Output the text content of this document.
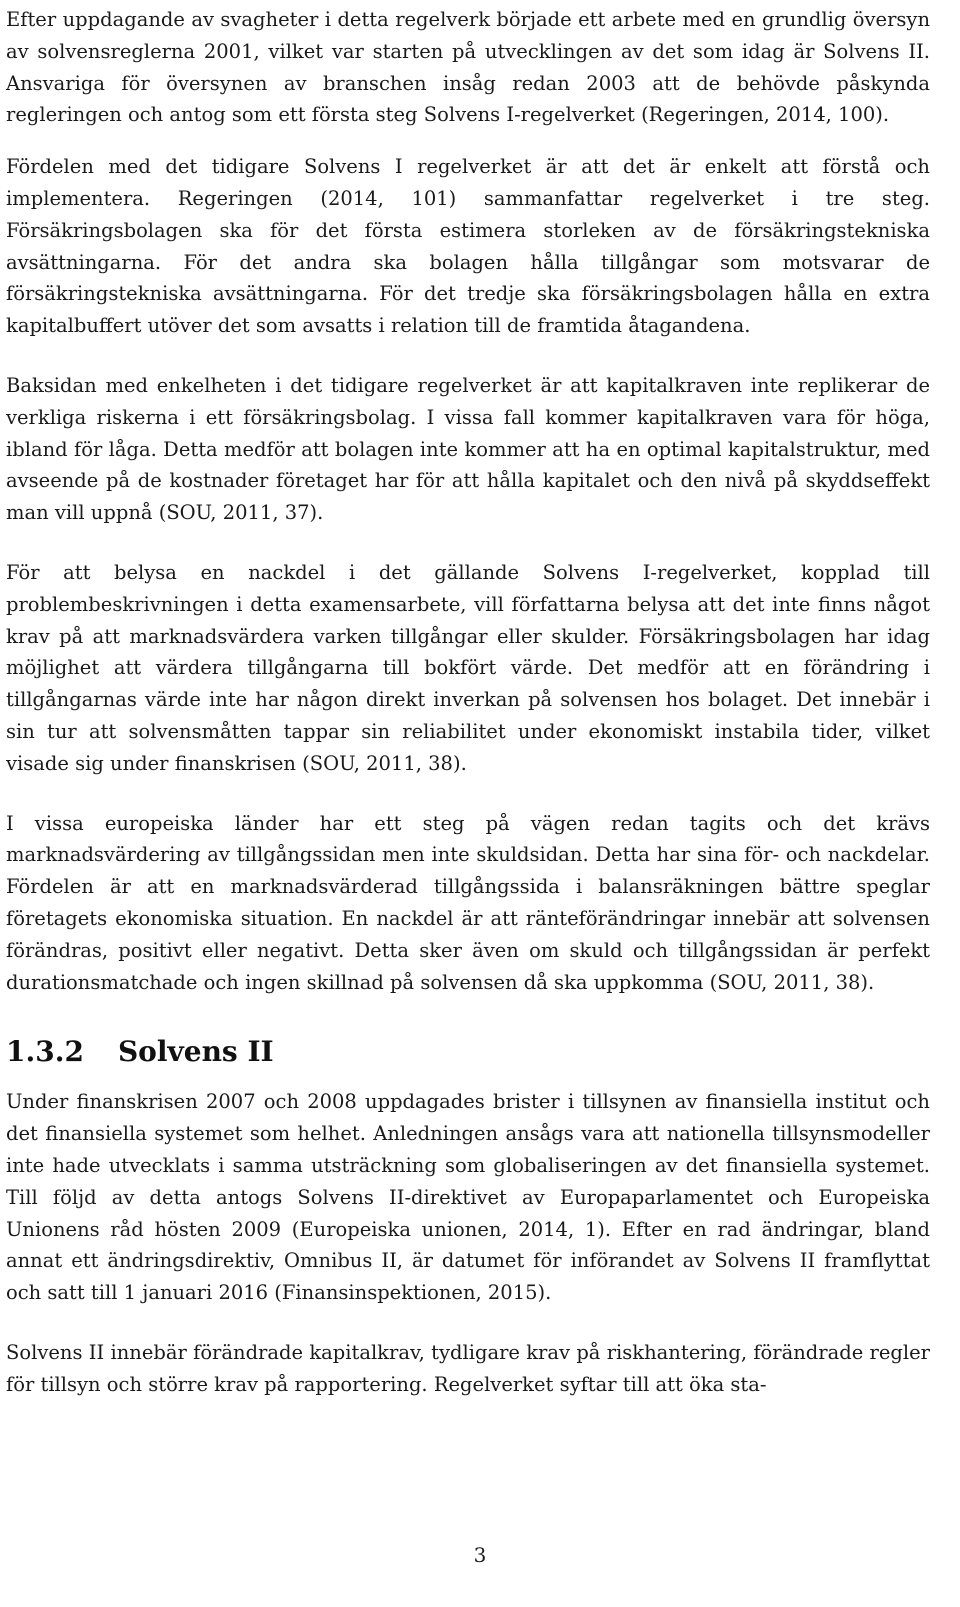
Efter uppdagande av svagheter i detta regelverk började ett arbete med en grundlig översyn av solvensreglerna 2001, vilket var starten på utvecklingen av det som idag är Solvens II. Ansvariga för översynen av branschen insåg redan 2003 att de behövde påskynda regleringen och antog som ett första steg Solvens I-regelverket (Regeringen, 2014, 100).

Fördelen med det tidigare Solvens I regelverket är att det är enkelt att förstå och implementera. Regeringen (2014, 101) sammanfattar regelverket i tre steg. Försäkringsbolagen ska för det första estimera storleken av de försäkringstekniska avsättningarna. För det andra ska bolagen hålla tillgångar som motsvarar de försäkringstekniska avsättningarna. För det tredje ska försäkringsbolagen hålla en extra kapitalbuffert utöver det som avsatts i relation till de framtida åtagandena.

Baksidan med enkelheten i det tidigare regelverket är att kapitalkraven inte replikerar de verkliga riskerna i ett försäkringsbolag. I vissa fall kommer kapitalkraven vara för höga, ibland för låga. Detta medför att bolagen inte kommer att ha en optimal kapitalstruktur, med avseende på de kostnader företaget har för att hålla kapitalet och den nivå på skyddseffekt man vill uppnå (SOU, 2011, 37).

För att belysa en nackdel i det gällande Solvens I-regelverket, kopplad till problembeskrivningen i detta examensarbete, vill författarna belysa att det inte finns något krav på att marknadsvärdera varken tillgångar eller skulder. Försäkringsbolagen har idag möjlighet att värdera tillgångarna till bokfört värde. Det medför att en förändring i tillgångarnas värde inte har någon direkt inverkan på solvensen hos bolaget. Det innebär i sin tur att solvensmåtten tappar sin reliabilitet under ekonomiskt instabila tider, vilket visade sig under finanskrisen (SOU, 2011, 38).

I vissa europeiska länder har ett steg på vägen redan tagits och det krävs marknadsvärdering av tillgångssidan men inte skuldsidan. Detta har sina för- och nackdelar. Fördelen är att en marknadsvärderad tillgångssida i balansräkningen bättre speglar företagets ekonomiska situation. En nackdel är att ränteförändringar innebär att solvensen förändras, positivt eller negativt. Detta sker även om skuld och tillgångssidan är perfekt durationsmatchade och ingen skillnad på solvensen då ska uppkomma (SOU, 2011, 38).

1.3.2 Solvens II

Under finanskrisen 2007 och 2008 uppdagades brister i tillsynen av finansiella institut och det finansiella systemet som helhet. Anledningen ansågs vara att nationella tillsynsmodeller inte hade utvecklats i samma utsträckning som globaliseringen av det finansiella systemet. Till följd av detta antogs Solvens II-direktivet av Europaparlamentet och Europeiska Unionens råd hösten 2009 (Europeiska unionen, 2014, 1). Efter en rad ändringar, bland annat ett ändringsdirektiv, Omnibus II, är datumet för införandet av Solvens II framflyttat och satt till 1 januari 2016 (Finansinspektionen, 2015).

Solvens II innebär förändrade kapitalkrav, tydligare krav på riskhantering, förändrade regler för tillsyn och större krav på rapportering. Regelverket syftar till att öka sta-

3
